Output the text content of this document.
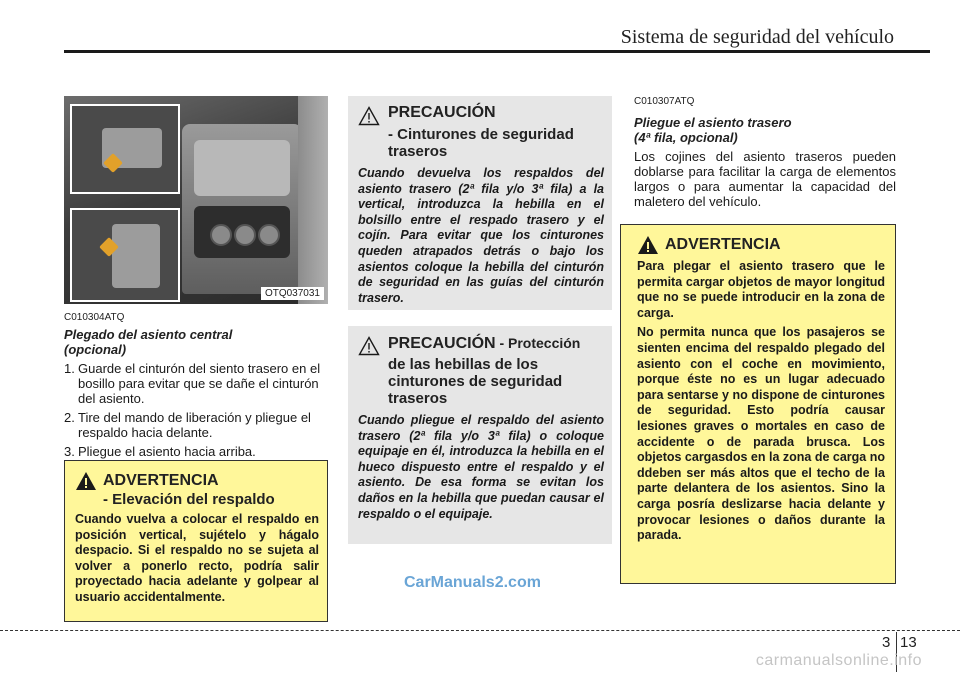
Sistema de seguridad del vehículo
OTQ037031
C010304ATQ
Plegado del asiento central
(opcional)
1. Guarde el cinturón del siento trasero en el bosillo para evitar que se dañe el cinturón del asiento.
2. Tire del mando de liberación y pliegue el respaldo hacia delante.
3. Pliegue el asiento hacia arriba.
ADVERTENCIA
- Elevación del respaldo

Cuando vuelva a colocar el respaldo en posición vertical, sujételo y hágalo despacio. Si el respaldo no se sujeta al volver a ponerlo recto, podría salir proyectado hacia adelante y golpear al usuario accidentalmente.

PRECAUCIÓN
- Cinturones de seguridad traseros
Cuando devuelva los respaldos del asiento trasero (2ª fila y/o 3ª fila) a la vertical, introduzca la hebilla en el bolsillo entre el respado trasero y el cojín. Para evitar que los cinturones queden atrapados detrás o bajo los asientos coloque la hebilla del cinturón de seguridad en las guías del cinturón trasero.
PRECAUCIÓN - Protección
de las hebillas de los cinturones de seguridad traseros
Cuando pliegue el respaldo del asiento trasero (2ª fila y/o 3ª fila) o coloque equipaje en él, introduzca la hebilla en el hueco dispuesto entre el respaldo y el asiento. De esa forma se evitan los daños en la hebilla que puedan causar el respaldo o el equipaje.
C010307ATQ
Pliegue el asiento trasero
(4ª fila, opcional)
Los cojines del asiento traseros pueden doblarse para facilitar la carga de elementos largos o para aumentar la capacidad del maletero del vehículo.
ADVERTENCIA

Para plegar el asiento trasero que le permita cargar objetos de mayor longitud que no se puede introducir en la zona de carga.

No permita nunca que los pasajeros se sienten encima del respaldo plegado del asiento con el coche en movimiento, porque éste no es un lugar adecuado para sentarse y no dispone de cinturones de seguridad. Esto podría causar lesiones graves o mortales en caso de accidente o de parada brusca. Los objetos cargasdos en la zona de carga no ddeben ser más altos que el techo de la parte delantera de los asientos. Sino la carga posría deslizarse hacia delante y provocar lesiones o daños durante la parada.

CarManuals2.com
3 13
carmanualsonline.info
